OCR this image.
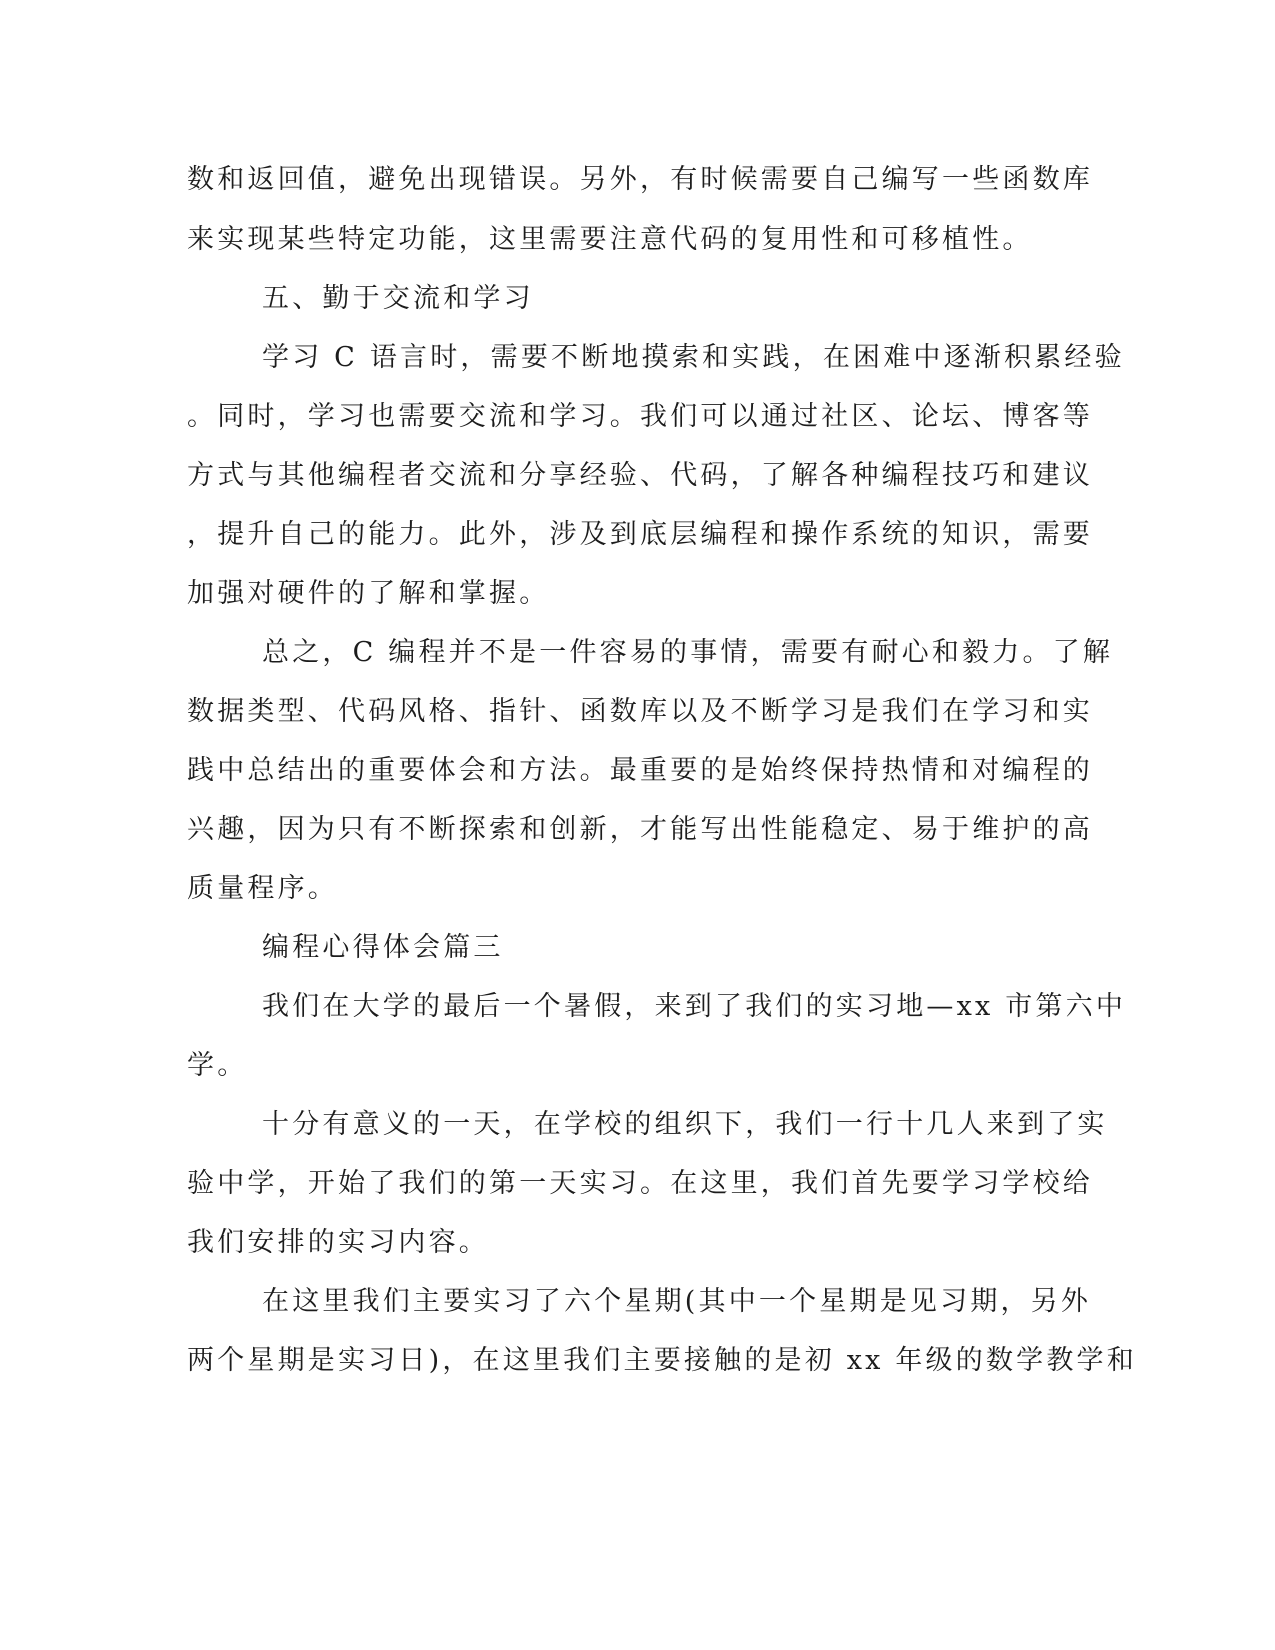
数和返回值，避免出现错误。另外，有时候需要自己编写一些函数库

来实现某些特定功能，这里需要注意代码的复用性和可移植性。

五、勤于交流和学习

学习 C 语言时，需要不断地摸索和实践，在困难中逐渐积累经验

。同时，学习也需要交流和学习。我们可以通过社区、论坛、博客等

方式与其他编程者交流和分享经验、代码，了解各种编程技巧和建议

，提升自己的能力。此外，涉及到底层编程和操作系统的知识，需要

加强对硬件的了解和掌握。

总之，C 编程并不是一件容易的事情，需要有耐心和毅力。了解

数据类型、代码风格、指针、函数库以及不断学习是我们在学习和实

践中总结出的重要体会和方法。最重要的是始终保持热情和对编程的

兴趣，因为只有不断探索和创新，才能写出性能稳定、易于维护的高

质量程序。

编程心得体会篇三

我们在大学的最后一个暑假，来到了我们的实习地—xx 市第六中

学。

十分有意义的一天，在学校的组织下，我们一行十几人来到了实

验中学，开始了我们的第一天实习。在这里，我们首先要学习学校给

我们安排的实习内容。

在这里我们主要实习了六个星期(其中一个星期是见习期，另外

两个星期是实习日)，在这里我们主要接触的是初 xx 年级的数学教学和
